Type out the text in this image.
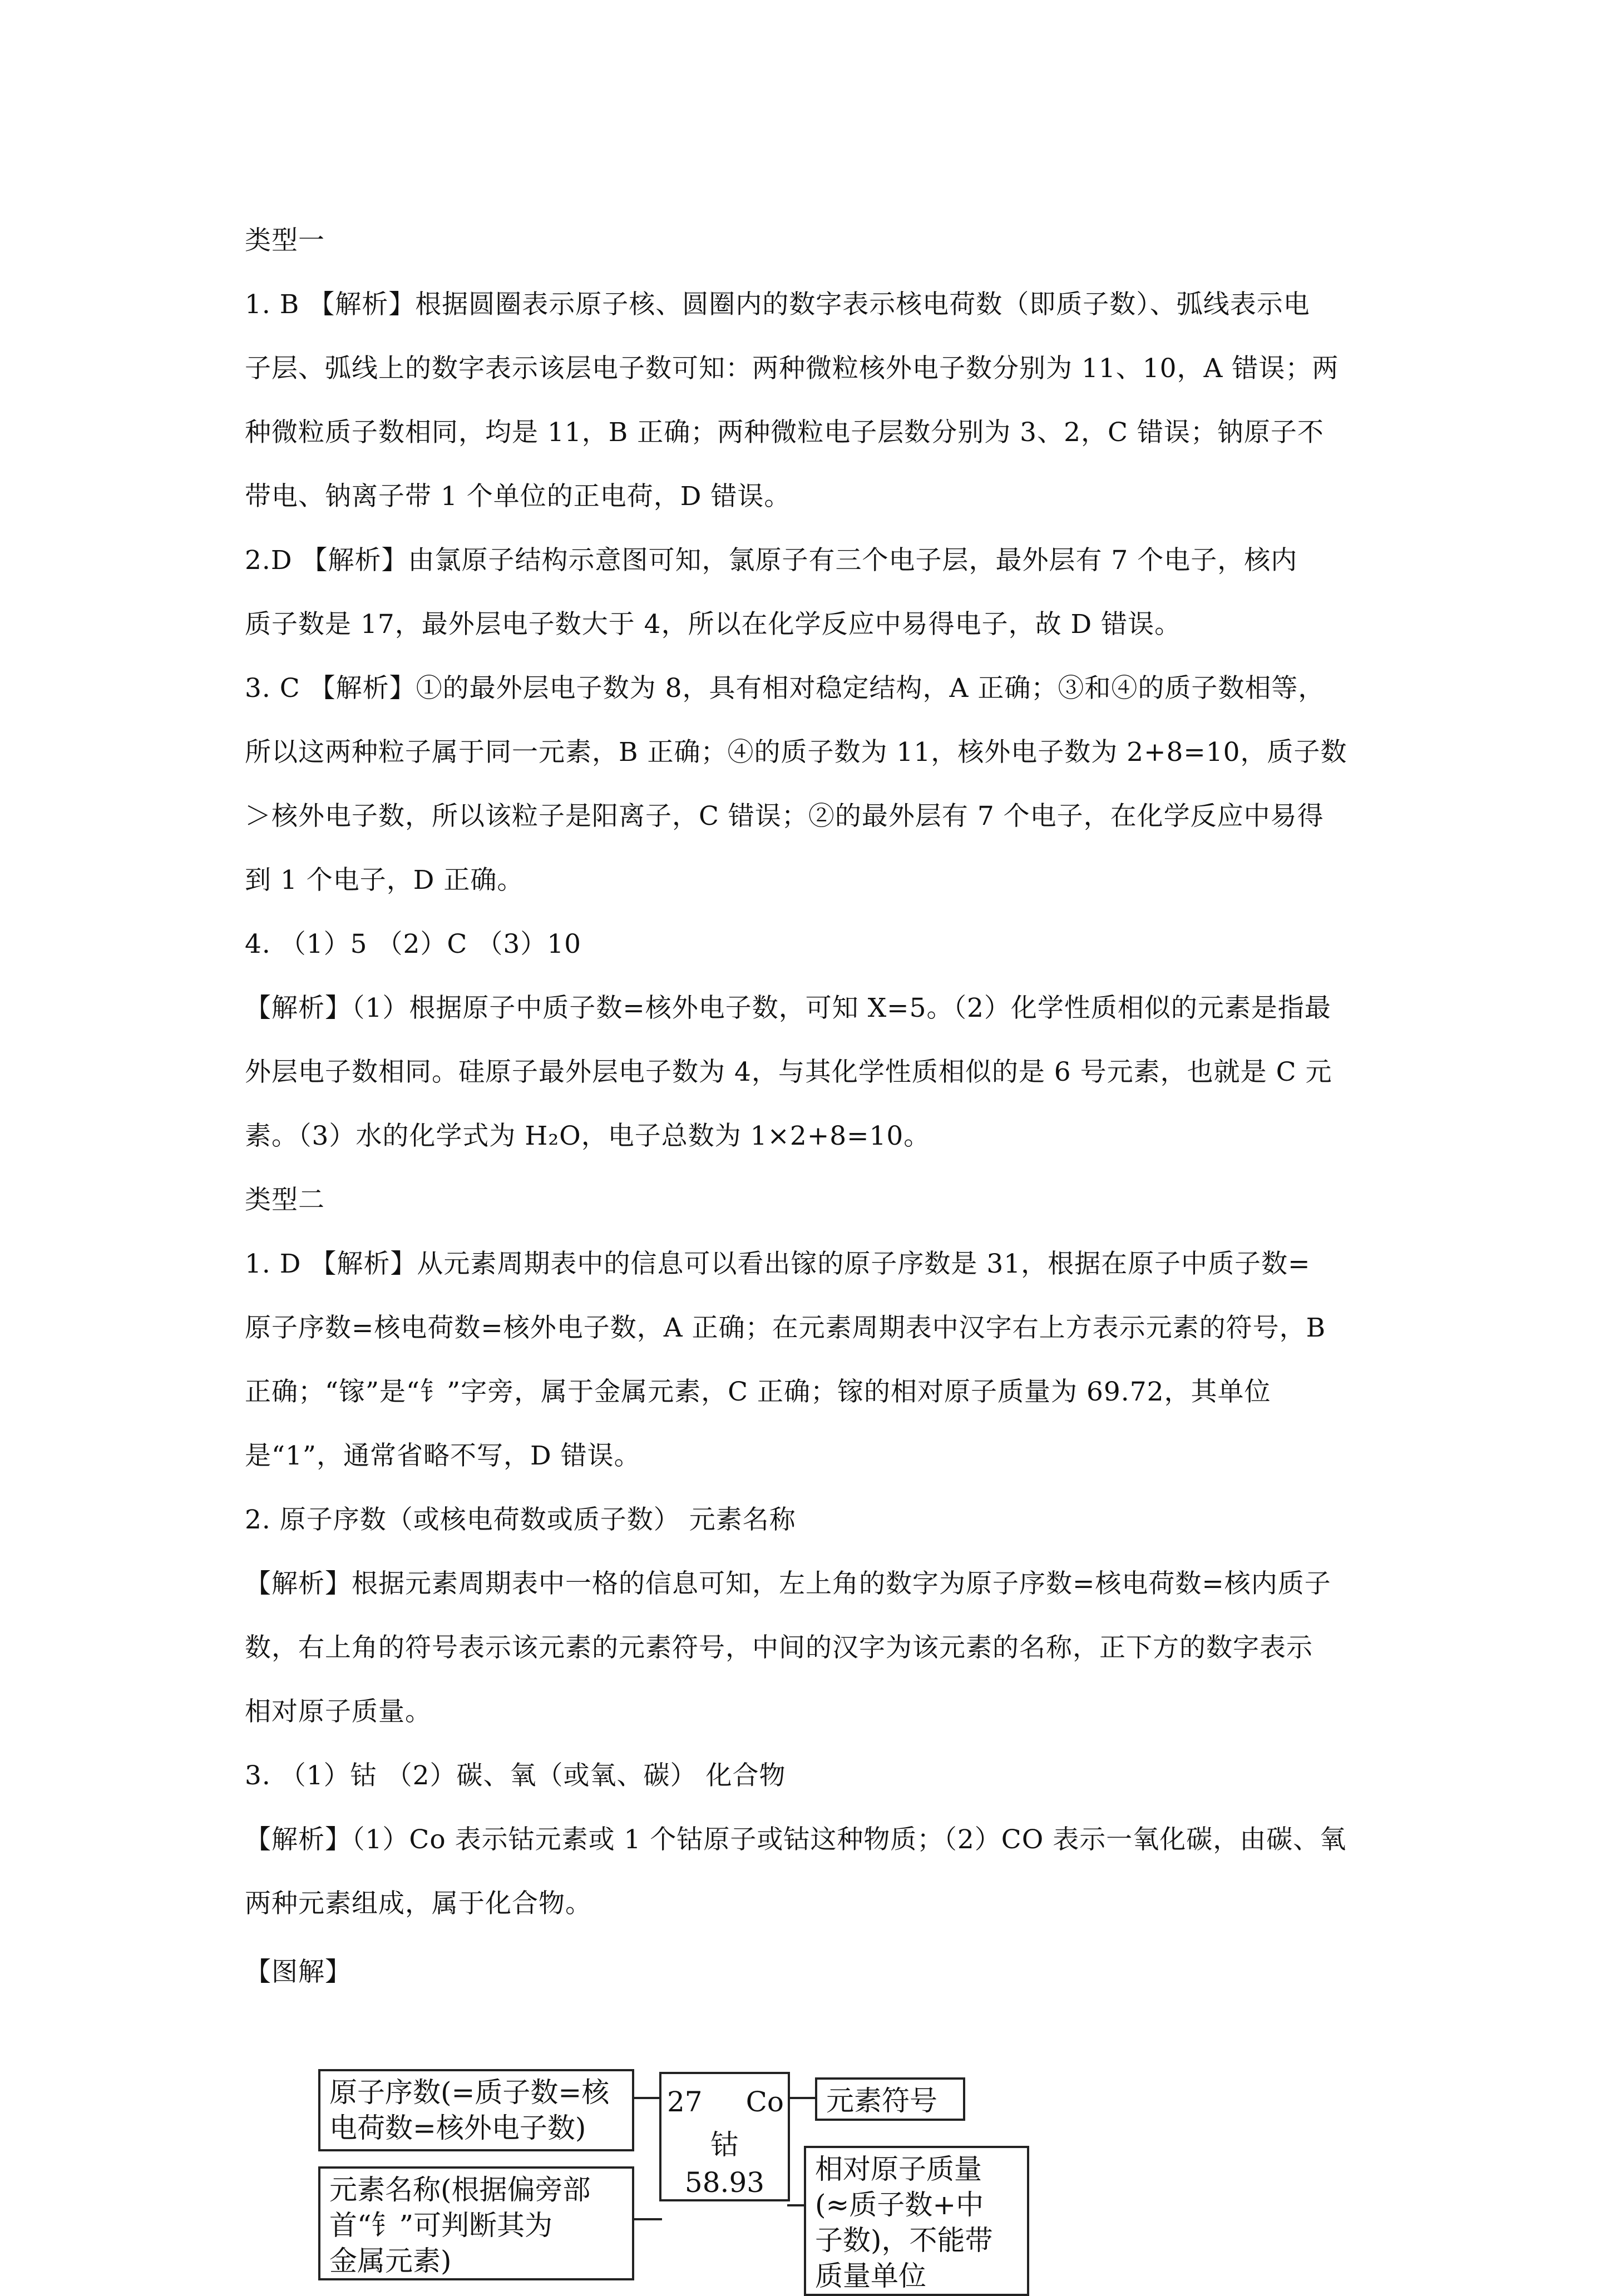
类型一

1. B 【解析】根据圆圈表示原子核、圆圈内的数字表示核电荷数（即质子数）、弧线表示电

子层、弧线上的数字表示该层电子数可知：两种微粒核外电子数分别为 11、10，A 错误；两

种微粒质子数相同，均是 11，B 正确；两种微粒电子层数分别为 3、2，C 错误；钠原子不

带电、钠离子带 1 个单位的正电荷，D 错误。

2.D 【解析】由氯原子结构示意图可知，氯原子有三个电子层，最外层有 7 个电子，核内

质子数是 17，最外层电子数大于 4，所以在化学反应中易得电子，故 D 错误。

3. C 【解析】①的最外层电子数为 8，具有相对稳定结构，A 正确；③和④的质子数相等，

所以这两种粒子属于同一元素，B 正确；④的质子数为 11，核外电子数为 2+8=10，质子数

＞核外电子数，所以该粒子是阳离子，C 错误；②的最外层有 7 个电子，在化学反应中易得

到 1 个电子，D 正确。

4. （1）5 （2）C （3）10

【解析】（1）根据原子中质子数=核外电子数，可知 X=5。（2）化学性质相似的元素是指最

外层电子数相同。硅原子最外层电子数为 4，与其化学性质相似的是 6 号元素，也就是 C 元

素。（3）水的化学式为 H₂O，电子总数为 1×2+8=10。

类型二

1. D 【解析】从元素周期表中的信息可以看出镓的原子序数是 31，根据在原子中质子数=

原子序数=核电荷数=核外电子数，A 正确；在元素周期表中汉字右上方表示元素的符号，B

正确；“镓”是“钅”字旁，属于金属元素，C 正确；镓的相对原子质量为 69.72，其单位

是“1”，通常省略不写，D 错误。

2. 原子序数（或核电荷数或质子数） 元素名称

【解析】根据元素周期表中一格的信息可知，左上角的数字为原子序数=核电荷数=核内质子

数，右上角的符号表示该元素的元素符号，中间的汉字为该元素的名称，正下方的数字表示

相对原子质量。

3. （1）钴 （2）碳、氧（或氧、碳） 化合物

【解析】（1）Co 表示钴元素或 1 个钴原子或钴这种物质；（2）CO 表示一氧化碳，由碳、氧

两种元素组成，属于化合物。

【图解】

原子序数(=质子数=核
电荷数=核外电子数)
元素名称(根据偏旁部
首“钅”可判断其为
金属元素)

27 Co

钴

58.93

元素符号
相对原子质量
(≈质子数+中
子数)，不能带
质量单位
